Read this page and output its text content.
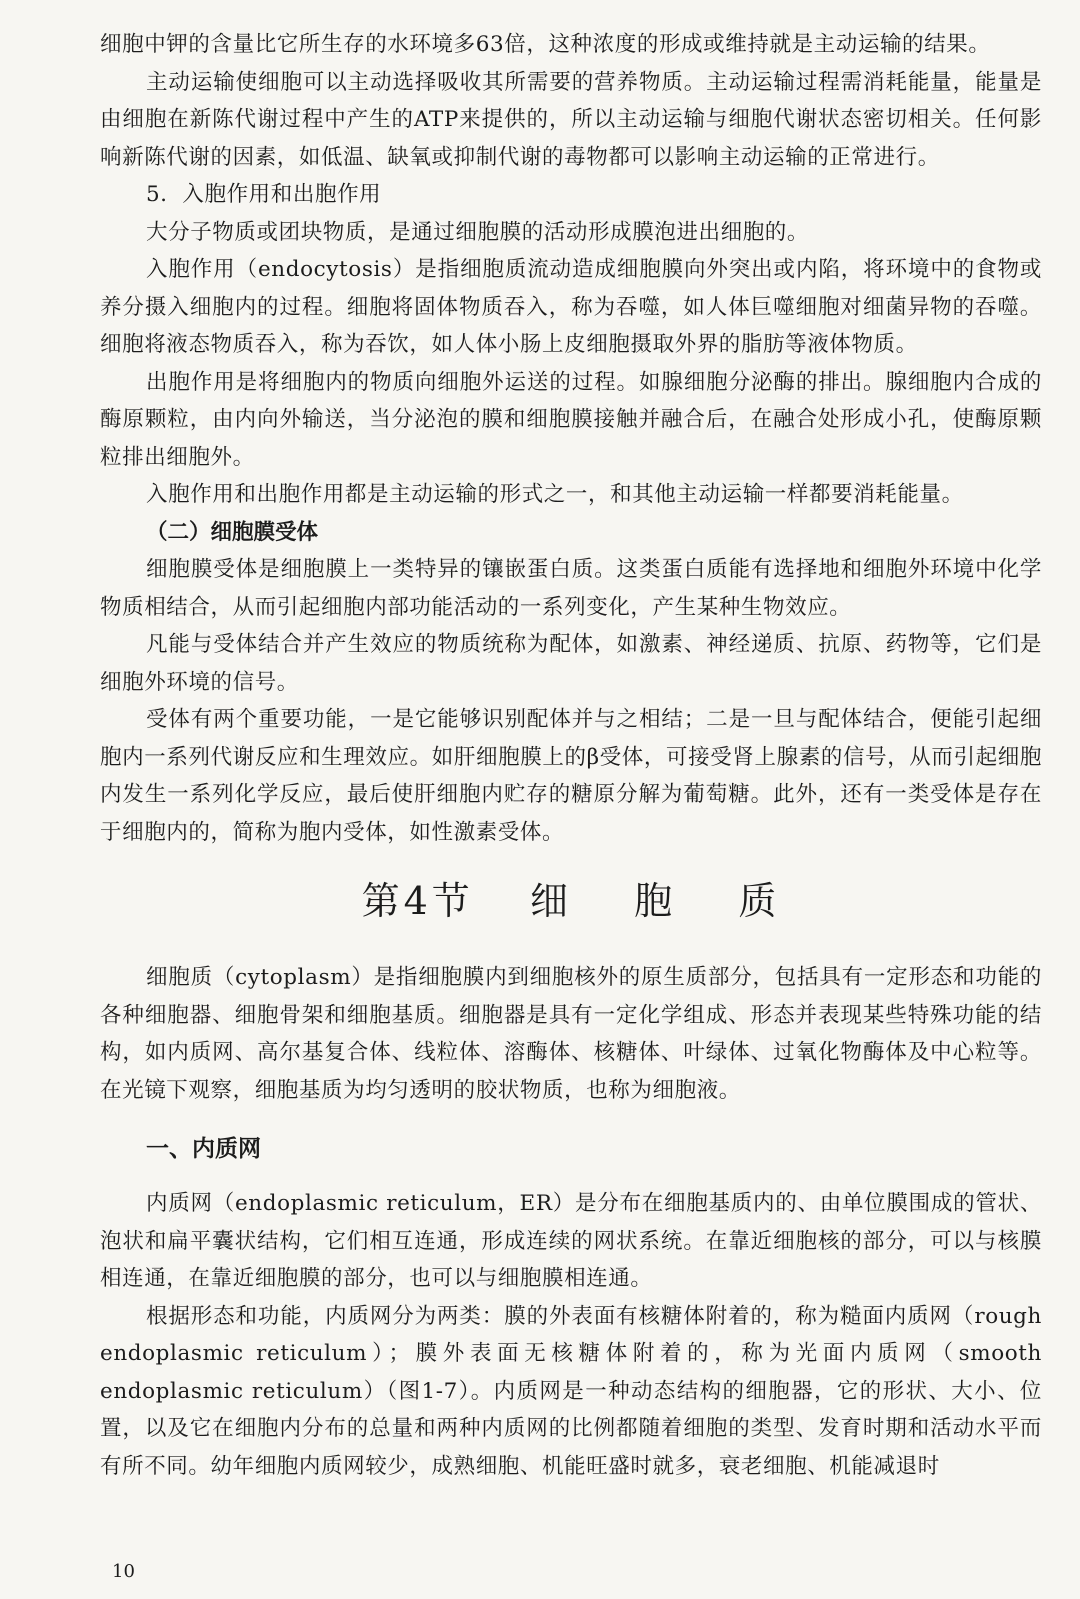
细胞中钾的含量比它所生存的水环境多63倍，这种浓度的形成或维持就是主动运输的结果。

主动运输使细胞可以主动选择吸收其所需要的营养物质。主动运输过程需消耗能量，能量是由细胞在新陈代谢过程中产生的ATP来提供的，所以主动运输与细胞代谢状态密切相关。任何影响新陈代谢的因素，如低温、缺氧或抑制代谢的毒物都可以影响主动运输的正常进行。

5．入胞作用和出胞作用

大分子物质或团块物质，是通过细胞膜的活动形成膜泡进出细胞的。

入胞作用（endocytosis）是指细胞质流动造成细胞膜向外突出或内陷，将环境中的食物或养分摄入细胞内的过程。细胞将固体物质吞入，称为吞噬，如人体巨噬细胞对细菌异物的吞噬。细胞将液态物质吞入，称为吞饮，如人体小肠上皮细胞摄取外界的脂肪等液体物质。

出胞作用是将细胞内的物质向细胞外运送的过程。如腺细胞分泌酶的排出。腺细胞内合成的酶原颗粒，由内向外输送，当分泌泡的膜和细胞膜接触并融合后，在融合处形成小孔，使酶原颗粒排出细胞外。

入胞作用和出胞作用都是主动运输的形式之一，和其他主动运输一样都要消耗能量。

（二）细胞膜受体

细胞膜受体是细胞膜上一类特异的镶嵌蛋白质。这类蛋白质能有选择地和细胞外环境中化学物质相结合，从而引起细胞内部功能活动的一系列变化，产生某种生物效应。

凡能与受体结合并产生效应的物质统称为配体，如激素、神经递质、抗原、药物等，它们是细胞外环境的信号。

受体有两个重要功能，一是它能够识别配体并与之相结；二是一旦与配体结合，便能引起细胞内一系列代谢反应和生理效应。如肝细胞膜上的β受体，可接受肾上腺素的信号，从而引起细胞内发生一系列化学反应，最后使肝细胞内贮存的糖原分解为葡萄糖。此外，还有一类受体是存在于细胞内的，简称为胞内受体，如性激素受体。

第4节 细 胞 质

细胞质（cytoplasm）是指细胞膜内到细胞核外的原生质部分，包括具有一定形态和功能的各种细胞器、细胞骨架和细胞基质。细胞器是具有一定化学组成、形态并表现某些特殊功能的结构，如内质网、高尔基复合体、线粒体、溶酶体、核糖体、叶绿体、过氧化物酶体及中心粒等。在光镜下观察，细胞基质为均匀透明的胶状物质，也称为细胞液。

一、内质网

内质网（endoplasmic reticulum，ER）是分布在细胞基质内的、由单位膜围成的管状、泡状和扁平囊状结构，它们相互连通，形成连续的网状系统。在靠近细胞核的部分，可以与核膜相连通，在靠近细胞膜的部分，也可以与细胞膜相连通。

根据形态和功能，内质网分为两类：膜的外表面有核糖体附着的，称为糙面内质网（rough endoplasmic reticulum）；膜外表面无核糖体附着的，称为光面内质网（smooth endoplasmic reticulum）（图1-7）。内质网是一种动态结构的细胞器，它的形状、大小、位置，以及它在细胞内分布的总量和两种内质网的比例都随着细胞的类型、发育时期和活动水平而有所不同。幼年细胞内质网较少，成熟细胞、机能旺盛时就多，衰老细胞、机能减退时

10
